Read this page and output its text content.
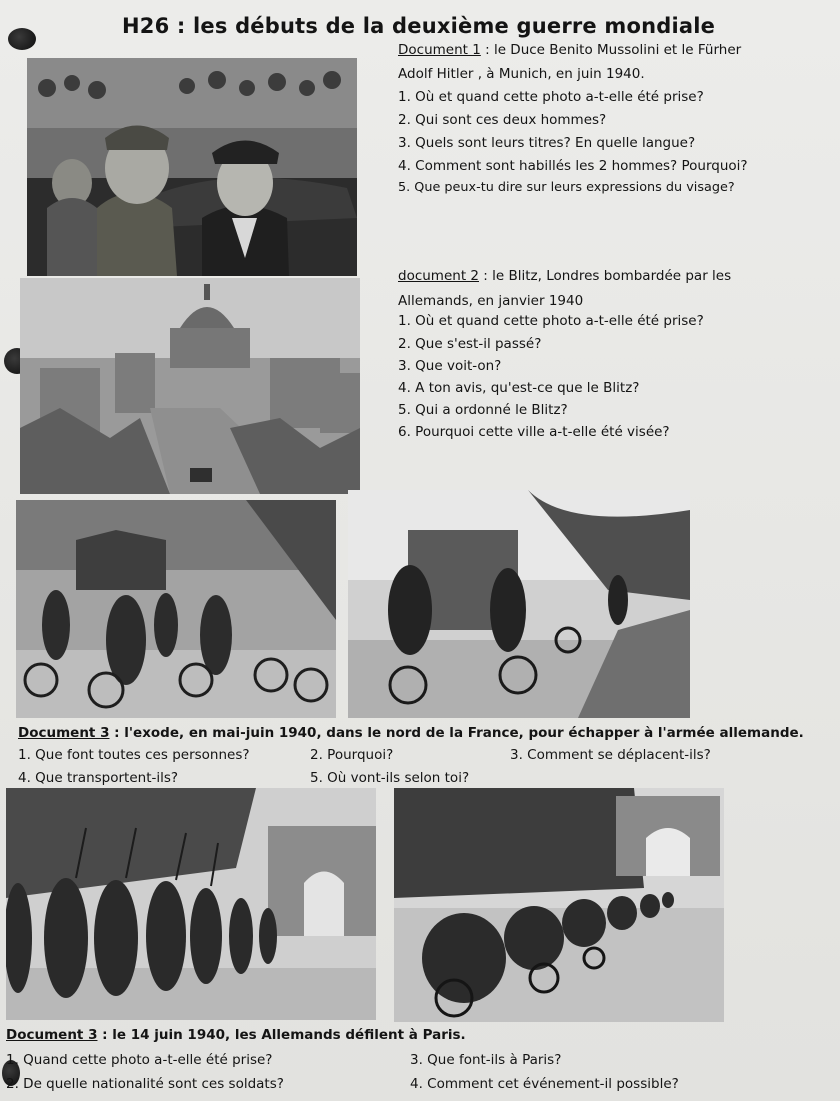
H26 : les débuts de la deuxième guerre mondiale
Document 1 : le Duce Benito Mussolini et le Fürher
Adolf Hitler , à Munich, en juin 1940.
1. Où et quand cette photo a-t-elle été prise?
2. Qui sont ces deux hommes?
3. Quels sont leurs titres? En quelle langue?
4. Comment sont habillés les 2 hommes? Pourquoi?
5. Que peux-tu dire sur leurs expressions du visage?
document 2 : le Blitz, Londres bombardée par les
Allemands, en janvier 1940
1. Où et quand cette photo a-t-elle été prise?
2. Que s'est-il passé?
3. Que voit-on?
4. A ton avis, qu'est-ce que le Blitz?
5. Qui a ordonné le Blitz?
6. Pourquoi cette ville a-t-elle été visée?
Document 3 : l'exode, en mai-juin 1940, dans le nord de la France, pour échapper à l'armée allemande.
1. Que font toutes ces personnes?	2. Pourquoi?	3. Comment se déplacent-ils?
4. Que transportent-ils?	5. Où vont-ils selon toi?
Document 3 : le 14 juin 1940, les Allemands défilent à Paris.
1. Quand cette photo a-t-elle été prise?	3. Que font-ils à Paris?
2. De quelle nationalité sont ces soldats?	4. Comment cet événement-il possible?
